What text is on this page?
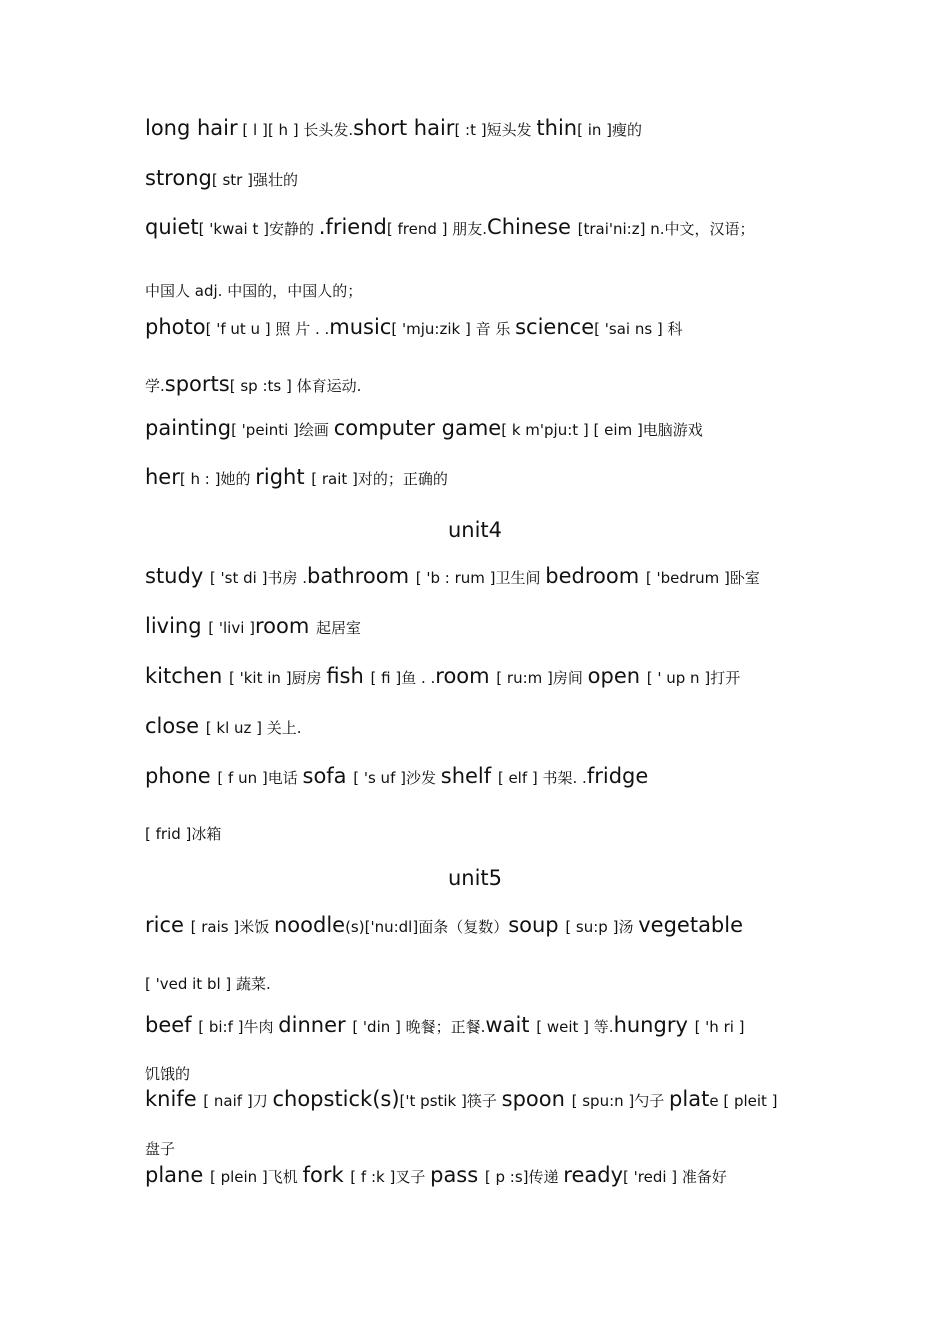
long hair [ l ][ h ] 长头发.short hair[ :t ]短头发 thin[ in ]瘦的
strong[ str ]强壮的
quiet[ 'kwai t ]安静的 .friend[ frend ] 朋友.Chinese [trai'ni:z] n.中文，汉语；
中国人 adj. 中国的，中国人的；
photo[ 'f ut u ] 照 片 . .music[ 'mju:zik ] 音 乐 science[ 'sai ns ] 科
学.sports[ sp :ts ] 体育运动.
painting[ 'peinti ]绘画 computer game[ k m'pju:t ] [ eim ]电脑游戏
her[ h : ]她的 right [ rait ]对的；正确的
unit4
study [ 'st di ]书房 .bathroom [ 'b : rum ]卫生间 bedroom [ 'bedrum ]卧室
living [ 'livi ]room 起居室
kitchen [ 'kit in ]厨房 fish [ fi ]鱼 . .room [ ru:m ]房间 open [ ' up n ]打开
close [ kl uz ] 关上.
phone [ f un ]电话 sofa [ 's uf ]沙发 shelf [ elf ] 书架. .fridge
[ frid ]冰箱
unit5
rice [ rais ]米饭 noodle(s)['nu:dl]面条（复数）soup [ su:p ]汤 vegetable
[ 'ved it bl ] 蔬菜.
beef [ bi:f ]牛肉 dinner [ 'din ] 晚餐；正餐.wait [ weit ] 等.hungry [ 'h ri ]
饥饿的
knife [ naif ]刀 chopstick(s)['t pstik ]筷子 spoon [ spu:n ]勺子 plate [ pleit ]
盘子
plane [ plein ]飞机 fork [ f :k ]叉子 pass [ p :s]传递 ready[ 'redi ] 准备好
